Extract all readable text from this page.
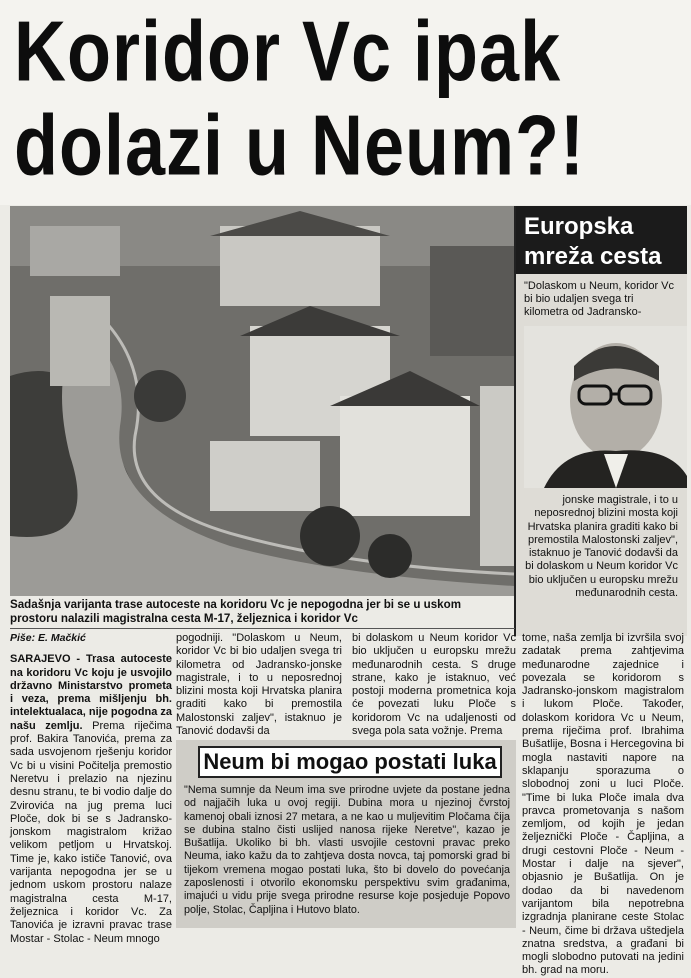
Koridor Vc ipak
dolazi u Neum?!
Europska mreža cesta
"Dolaskom u Neum, koridor Vc bi bio udaljen svega tri kilometra od Jadransko-
jonske magistrale, i to u neposrednoj blizini mosta koji Hrvatska planira graditi kako bi premostila Malostonski zaljev", istaknuo je Tanović dodavši da bi dolaskom u Neum koridor Vc bio uključen u europsku mrežu međunarodnih cesta.
Sadašnja varijanta trase autoceste na koridoru Vc je nepogodna jer bi se u uskom prostoru nalazili magistralna cesta M-17, željeznica i koridor Vc
Piše: E. Mačkić
SARAJEVO - Trasa autoceste na koridoru Vc koju je usvojilo državno Ministarstvo prometa i veza, prema mišljenju bh. intelektualaca, nije pogodna za našu zemlju. Prema riječima prof. Bakira Tanovića, prema za sada usvojenom rješenju koridor Vc bi u visini Počitelja premostio Neretvu i prelazio na njezinu desnu stranu, te bi vodio dalje do Zvirovića na jug prema luci Ploče, dok bi se s Jadransko-jonskom magistralom križao velikom petljom u Hrvatskoj. Time je, kako ističe Tanović, ova varijanta nepogodna jer se u jednom uskom prostoru nalaze magistralna cesta M-17, željeznica i koridor Vc. Za Tanovića je izravni pravac trase Mostar - Stolac - Neum mnogo
pogodniji. "Dolaskom u Neum, koridor Vc bi bio udaljen svega tri kilometra od Jadransko-jonske magistrale, i to u neposrednoj blizini mosta koji Hrvatska planira graditi kako bi premostila Malostonski zaljev", istaknuo je Tanović dodavši da
bi dolaskom u Neum koridor Vc bio uključen u europsku mrežu međunarodnih cesta. S druge strane, kako je istaknuo, već postoji moderna prometnica koja će povezati luku Ploče s koridorom Vc na udaljenosti od svega pola sata vožnje. Prema
tome, naša zemlja bi izvršila svoj zadatak prema zahtjevima međunarodne zajednice i povezala se koridorom s Jadransko-jonskom magistralom i lukom Ploče. Također, dolaskom koridora Vc u Neum, prema riječima prof. Ibrahima Bušatlije, Bosna i Hercegovina bi mogla nastaviti napore na sklapanju sporazuma o slobodnoj zoni u luci Ploče. "Time bi luka Ploče imala dva pravca prometovanja s našom zemljom, od kojih je jedan željeznički Ploče - Čapljina, a drugi cestovni Ploče - Neum - Mostar i dalje na sjever", objasnio je Bušatlija. On je dodao da bi navedenom varijantom bila nepotrebna izgradnja planirane ceste Stolac - Neum, čime bi država uštedjela znatna sredstva, a građani bi mogli slobodno putovati na jedini bh. grad na moru.
Neum bi mogao postati luka
"Nema sumnje da Neum ima sve prirodne uvjete da postane jedna od najjačih luka u ovoj regiji. Dubina mora u njezinoj čvrstoj kamenoj obali iznosi 27 metara, a ne kao u muljevitim Pločama čija se dubina stalno čisti uslijed nanosa rijeke Neretve", kazao je Bušatlija. Ukoliko bi bh. vlasti usvojile cestovni pravac preko Neuma, iako kažu da to zahtjeva dosta novca, taj pomorski grad bi tijekom vremena mogao postati luka, što bi dovelo do povećanja zaposlenosti i otvorilo ekonomsku perspektivu svim građanima, imajući u vidu prije svega prirodne resurse koje posjeduje Popovo polje, Stolac, Čapljina i Hutovo blato.
